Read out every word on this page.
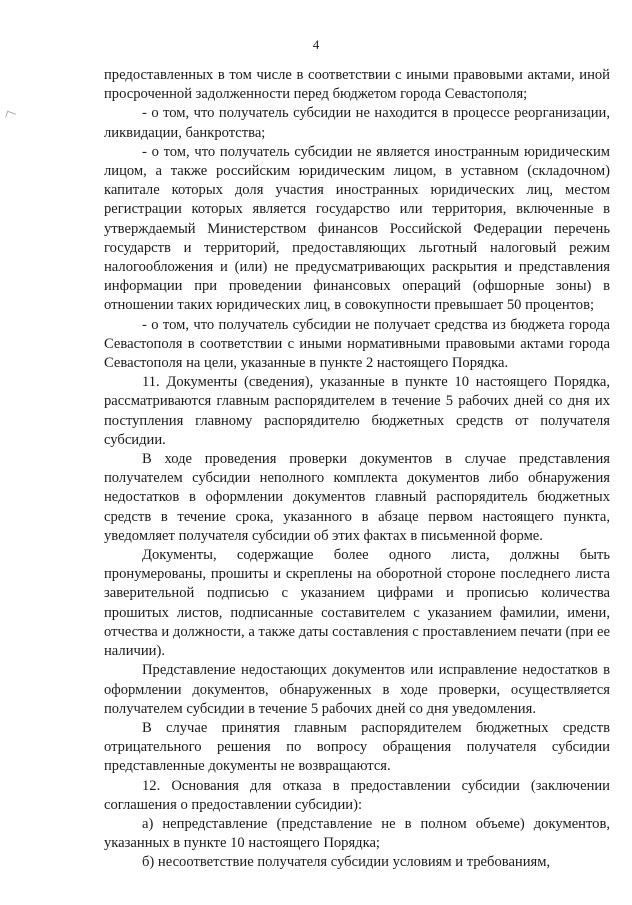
4

предоставленных в том числе в соответствии с иными правовыми актами, иной просроченной задолженности перед бюджетом города Севастополя;

- о том, что получатель субсидии не находится в процессе реорганизации, ликвидации, банкротства;

- о том, что получатель субсидии не является иностранным юридическим лицом, а также российским юридическим лицом, в уставном (складочном) капитале которых доля участия иностранных юридических лиц, местом регистрации которых является государство или территория, включенные в утверждаемый Министерством финансов Российской Федерации перечень государств и территорий, предоставляющих льготный налоговый режим налогообложения и (или) не предусматривающих раскрытия и представления информации при проведении финансовых операций (офшорные зоны) в отношении таких юридических лиц, в совокупности превышает 50 процентов;

- о том, что получатель субсидии не получает средства из бюджета города Севастополя в соответствии с иными нормативными правовыми актами города Севастополя на цели, указанные в пункте 2 настоящего Порядка.

11. Документы (сведения), указанные в пункте 10 настоящего Порядка, рассматриваются главным распорядителем в течение 5 рабочих дней со дня их поступления главному распорядителю бюджетных средств от получателя субсидии.

В ходе проведения проверки документов в случае представления получателем субсидии неполного комплекта документов либо обнаружения недостатков в оформлении документов главный распорядитель бюджетных средств в течение срока, указанного в абзаце первом настоящего пункта, уведомляет получателя субсидии об этих фактах в письменной форме.

Документы, содержащие более одного листа, должны быть пронумерованы, прошиты и скреплены на оборотной стороне последнего листа заверительной подписью с указанием цифрами и прописью количества прошитых листов, подписанные составителем с указанием фамилии, имени, отчества и должности, а также даты составления с проставлением печати (при ее наличии).

Представление недостающих документов или исправление недостатков в оформлении документов, обнаруженных в ходе проверки, осуществляется получателем субсидии в течение 5 рабочих дней со дня уведомления.

В случае принятия главным распорядителем бюджетных средств отрицательного решения по вопросу обращения получателя субсидии представленные документы не возвращаются.

12. Основания для отказа в предоставлении субсидии (заключении соглашения о предоставлении субсидии):

а) непредставление (представление не в полном объеме) документов, указанных в пункте 10 настоящего Порядка;

б) несоответствие получателя субсидии условиям и требованиям,
